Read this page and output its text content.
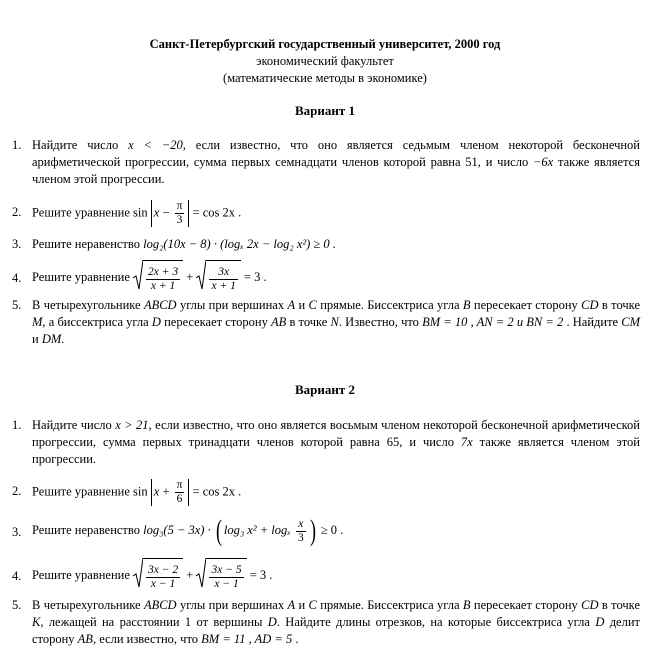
Санкт-Петербургский государственный университет, 2000 год
экономический факультет
(математические методы в экономике)
Вариант 1
1. Найдите число x < −20, если известно, что оно является седьмым членом некоторой бесконечной арифметической прогрессии, сумма первых семнадцати членов которой равна 51, и число −6x также является членом этой прогрессии.
2. Решите уравнение $\sin x - \frac{\pi}{3} = \cos 2x$ .
3. Решите неравенство log₂(10x − 8) · (logₓ 2x − log₂ x²) ≥ 0 .
4. Решите уравнение $\frac{2x + 3}{x + 1} + \frac{3x}{x + 1} = 3$ .
5. В четырехугольнике ABCD углы при вершинах A и C прямые. Биссектриса угла B пересекает сторону CD в точке M, а биссектриса угла D пересекает сторону AB в точке N. Известно, что BM = 10 , AN = 2 и BN = 2 . Найдите CM и DM.
Вариант 2
1. Найдите число x > 21, если известно, что оно является восьмым членом некоторой бесконечной арифметической прогрессии, сумма первых тринадцати членов которой равна 65, и число 7x также является членом этой прогрессии.
2. Решите уравнение $\sin x + \frac{\pi}{6} = \cos 2x$ .
3. Решите неравенство log₃(5 − 3x) · ( log₃ x² + logₓ $\frac{x}{3}$ ) ≥ 0 .
4. Решите уравнение $\frac{3x - 2}{x - 1} + \frac{3x - 5}{x - 1} = 3$ .
5. В четырехугольнике ABCD углы при вершинах A и C прямые. Биссектриса угла B пересекает сторону CD в точке K, лежащей на расстоянии 1 от вершины D. Найдите длины отрезков, на которые биссектриса угла D делит сторону AB, если известно, что BM = 11 , AD = 5 .
